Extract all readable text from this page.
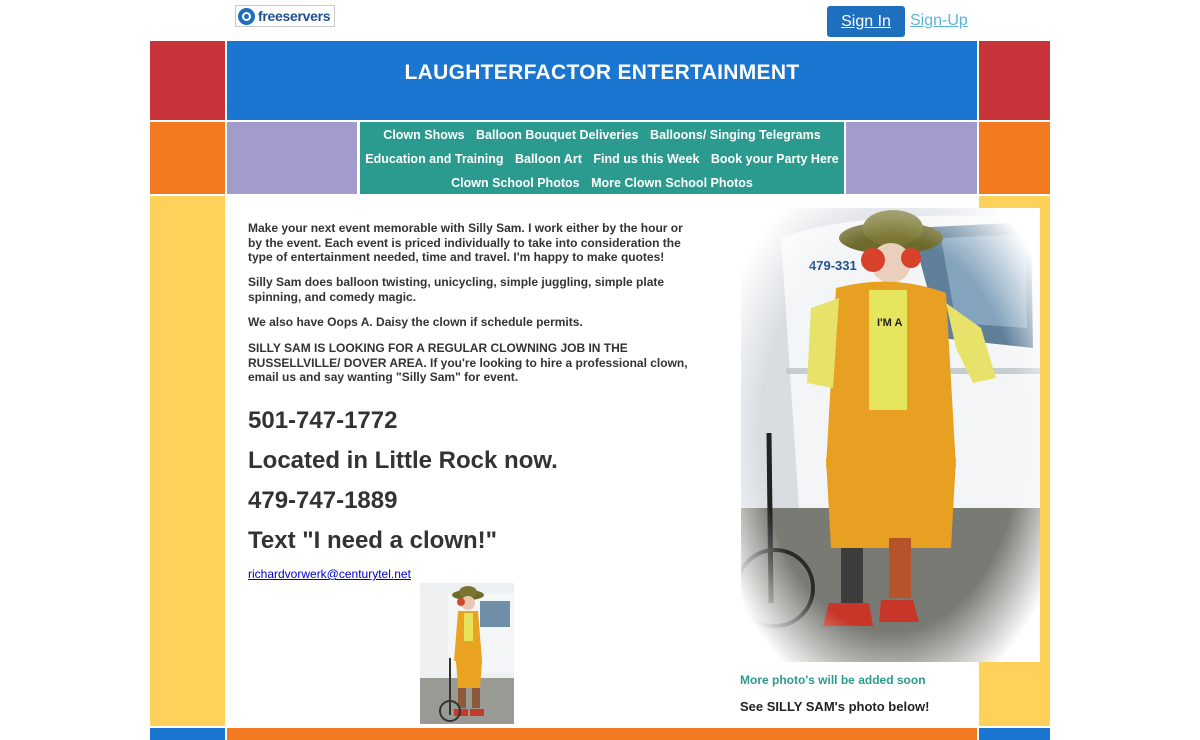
freeservers	Sign In	Sign-Up
LAUGHTERFACTOR ENTERTAINMENT
Clown Shows Balloon Bouquet Deliveries Balloons/ Singing Telegrams
Education and Training Balloon Art Find us this Week Book your Party Here
Clown School Photos More Clown School Photos

Make your next event memorable with Silly Sam. I work either by the hour or by the event. Each event is priced individually to take into consideration the type of entertainment needed, time and travel. I'm happy to make quotes!

Silly Sam does balloon twisting, unicycling, simple juggling, simple plate spinning, and comedy magic.

We also have Oops A. Daisy the clown if schedule permits.

SILLY SAM IS LOOKING FOR A REGULAR CLOWNING JOB IN THE RUSSELLVILLE/ DOVER AREA. If you're looking to hire a professional clown, email us and say wanting "Silly Sam" for event.

501-747-1772
Located in Little Rock now.
479-747-1889
Text "I need a clown!"
richardvorwerk@centurytel.net
More photo's will be added soon
See SILLY SAM's photo below!
